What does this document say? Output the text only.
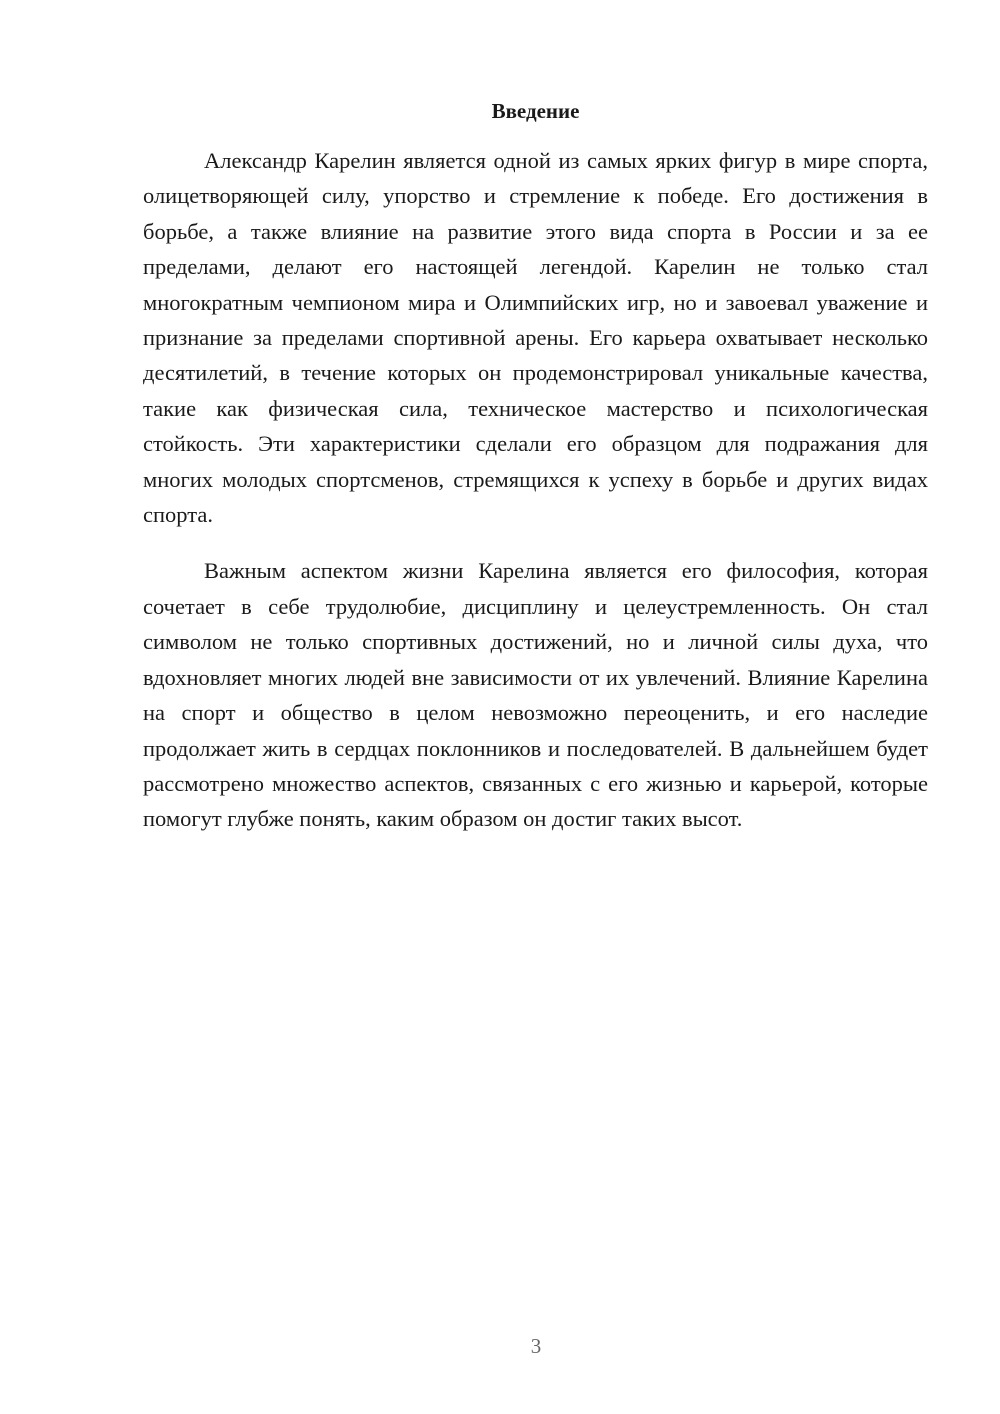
Введение

Александр Карелин является одной из самых ярких фигур в мире спорта, олицетворяющей силу, упорство и стремление к победе. Его достижения в борьбе, а также влияние на развитие этого вида спорта в России и за ее пределами, делают его настоящей легендой. Карелин не только стал многократным чемпионом мира и Олимпийских игр, но и завоевал уважение и признание за пределами спортивной арены. Его карьера охватывает несколько десятилетий, в течение которых он продемонстрировал уникальные качества, такие как физическая сила, техническое мастерство и психологическая стойкость. Эти характеристики сделали его образцом для подражания для многих молодых спортсменов, стремящихся к успеху в борьбе и других видах спорта.

Важным аспектом жизни Карелина является его философия, которая сочетает в себе трудолюбие, дисциплину и целеустремленность. Он стал символом не только спортивных достижений, но и личной силы духа, что вдохновляет многих людей вне зависимости от их увлечений. Влияние Карелина на спорт и общество в целом невозможно переоценить, и его наследие продолжает жить в сердцах поклонников и последователей. В дальнейшем будет рассмотрено множество аспектов, связанных с его жизнью и карьерой, которые помогут глубже понять, каким образом он достиг таких высот.

3
